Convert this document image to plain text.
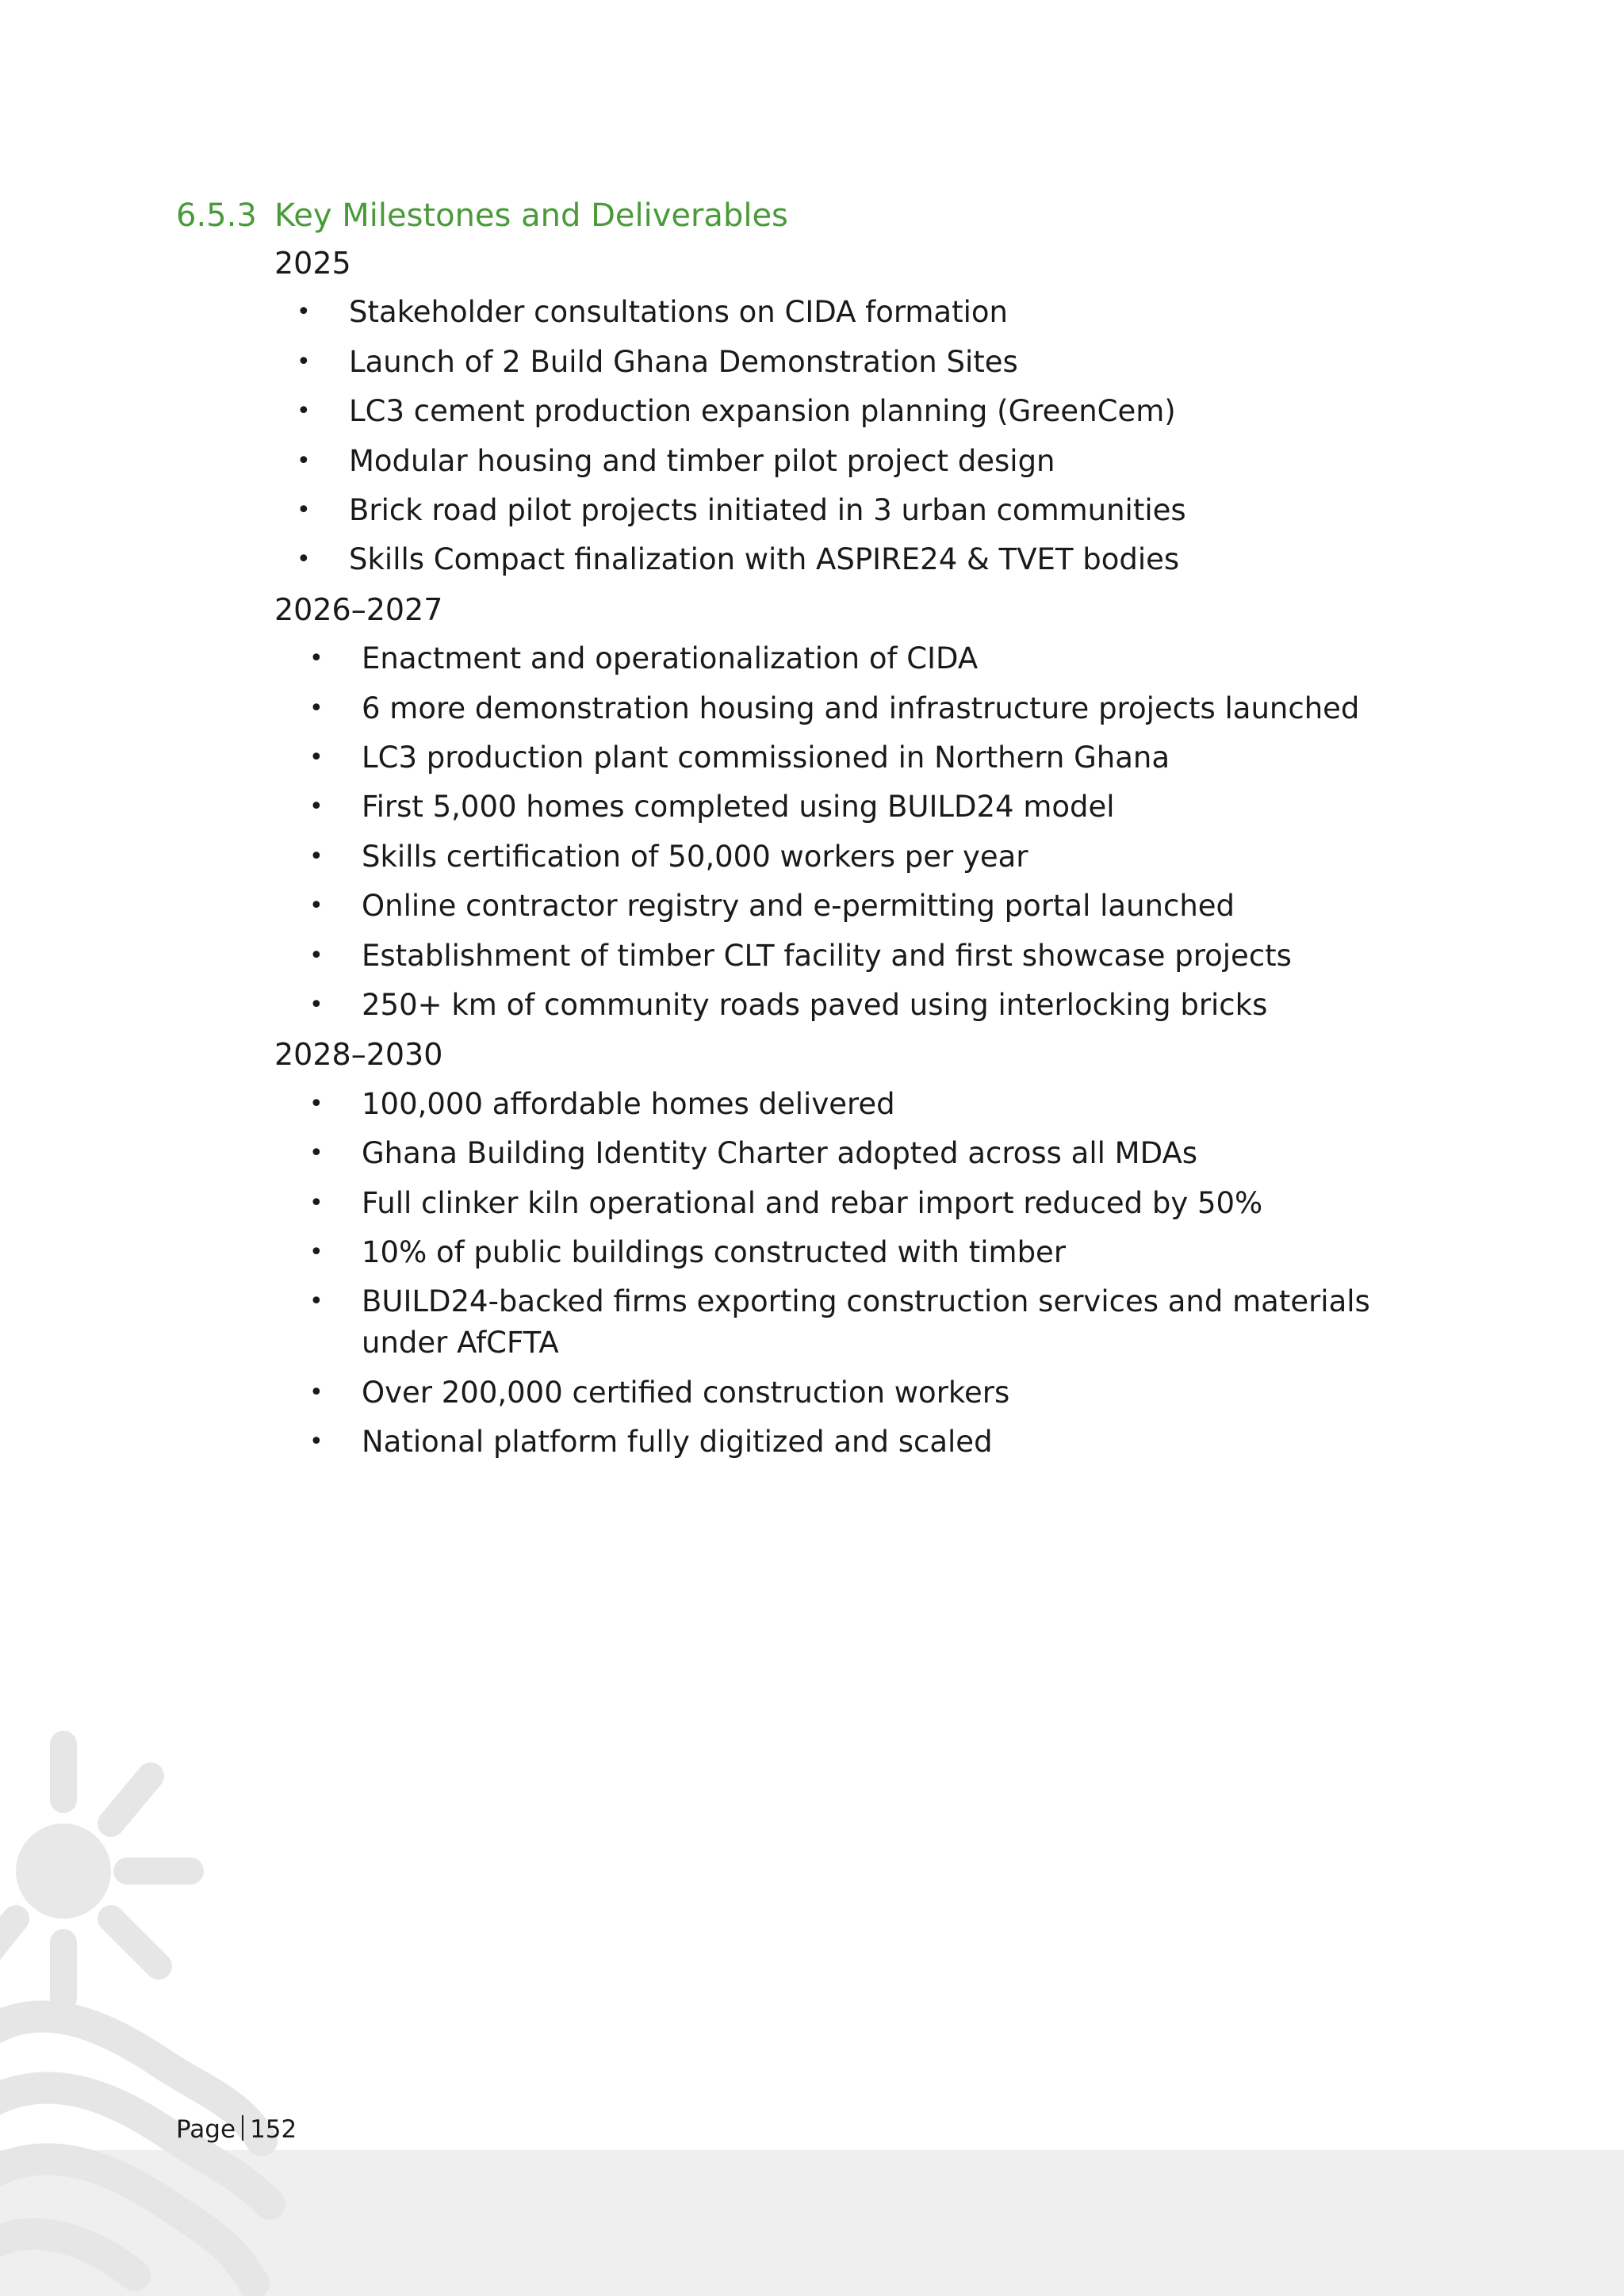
6.5.3 Key Milestones and Deliverables
2025
• Stakeholder consultations on CIDA formation
• Launch of 2 Build Ghana Demonstration Sites
• LC3 cement production expansion planning (GreenCem)
• Modular housing and timber pilot project design
• Brick road pilot projects initiated in 3 urban communities
• Skills Compact finalization with ASPIRE24 & TVET bodies
2026–2027
• Enactment and operationalization of CIDA
• 6 more demonstration housing and infrastructure projects launched
• LC3 production plant commissioned in Northern Ghana
• First 5,000 homes completed using BUILD24 model
• Skills certification of 50,000 workers per year
• Online contractor registry and e-permitting portal launched
• Establishment of timber CLT facility and first showcase projects
• 250+ km of community roads paved using interlocking bricks
2028–2030
• 100,000 affordable homes delivered
• Ghana Building Identity Charter adopted across all MDAs
• Full clinker kiln operational and rebar import reduced by 50%
• 10% of public buildings constructed with timber
• BUILD24-backed firms exporting construction services and materials under AfCFTA
• Over 200,000 certified construction workers
• National platform fully digitized and scaled
Page 152
